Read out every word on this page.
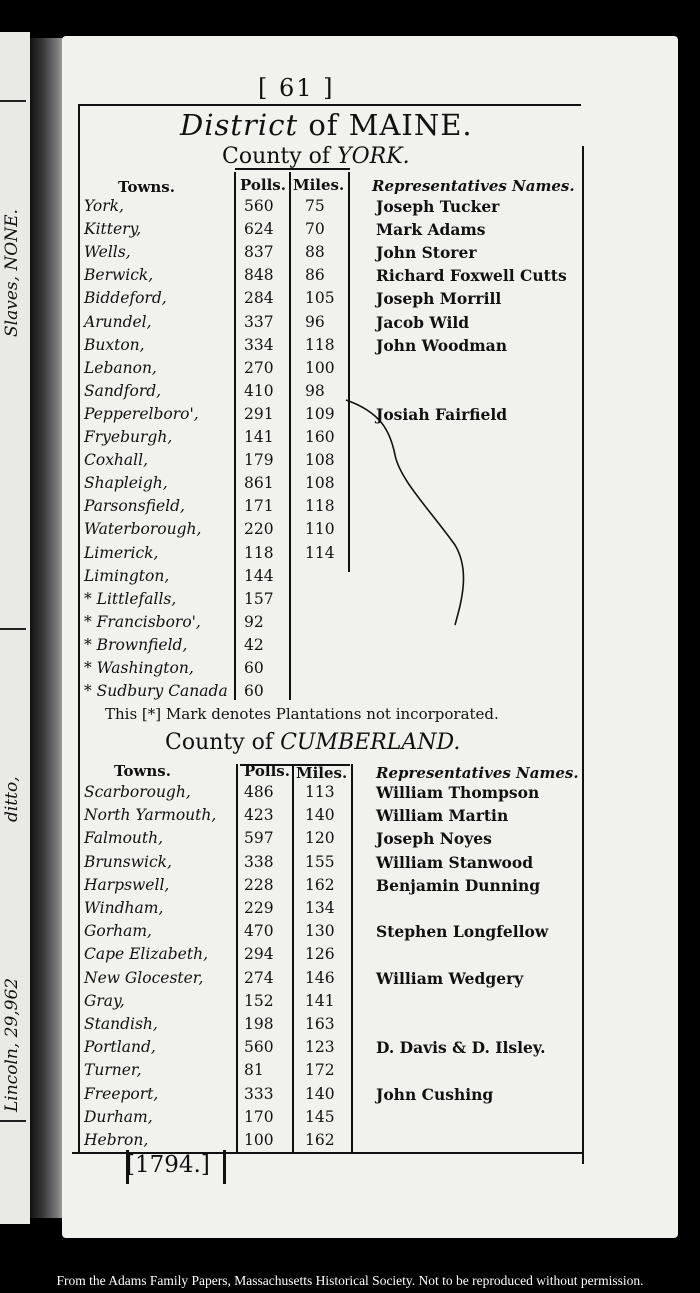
Slaves, NONE.
ditto,
Lincoln, 29,962
[ 61 ]
District of MAINE.
County of YORK.
Towns.	Polls. Miles. Representatives Names.
York,	560 75	Joseph Tucker
Kittery,	624 70	Mark Adams
Wells,	837 88	John Storer
Berwick,	848 86	Richard Foxwell Cutts
Biddeford,	284 105	Joseph Morrill
Arundel,	337 96	Jacob Wild
Buxton,	334 118	John Woodman
Lebanon,	270 100
Sandford,	410 98
Pepperelboro',	291 109	Josiah Fairfield
Fryeburgh,	141 160
Coxhall,	179 108
Shapleigh,	861 108
Parsonsfield,	171 118
Waterborough,	220 110
Limerick,	118 114
Limington,	144
* Littlefalls,	157
* Francisboro',	92
* Brownfield,	42
* Washington,	60
* Sudbury Canada 60
This [*] Mark denotes Plantations not incorporated.
County of CUMBERLAND.
Towns.	Polls. Miles. Representatives Names.
Scarborough,	486 113	William Thompson
North Yarmouth, 423 140	William Martin
Falmouth,	597 120	Joseph Noyes
Brunswick,	338 155	William Stanwood
Harpswell,	228 162	Benjamin Dunning
Windham,	229 134
Gorham,	470 130	Stephen Longfellow
Cape Elizabeth, 294 126
New Glocester,	274 146	William Wedgery
Gray,	152 141
Standish,	198 163
Portland,	560 123	D. Davis & D. Ilsley.
Turner,	81	172
Freeport,	333 140	John Cushing
Durham,	170 145
Hebron,	100 162
[1794.]
From the Adams Family Papers, Massachusetts Historical Society. Not to be reproduced without permission.
